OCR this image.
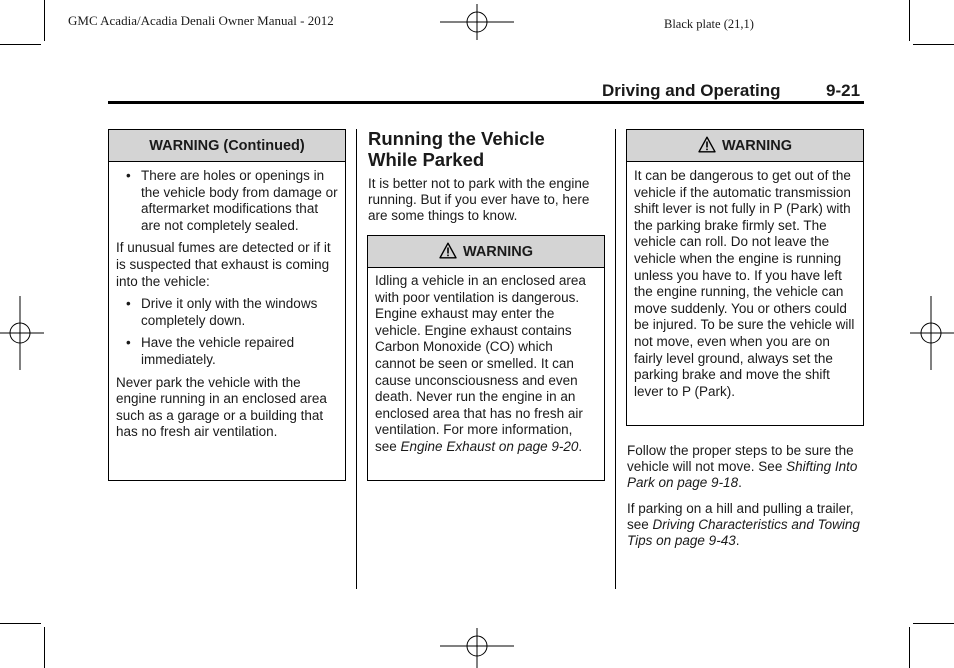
GMC Acadia/Acadia Denali Owner Manual - 2012	Black plate (21,1)
Driving and Operating	9-21
WARNING (Continued)
• There are holes or openings in the vehicle body from damage or aftermarket modifications that are not completely sealed.

If unusual fumes are detected or if it is suspected that exhaust is coming into the vehicle:

• Drive it only with the windows completely down.
• Have the vehicle repaired immediately.

Never park the vehicle with the engine running in an enclosed area such as a garage or a building that has no fresh air ventilation.

Running the Vehicle
While Parked

It is better not to park with the engine running. But if you ever have to, here are some things to know.

WARNING

Idling a vehicle in an enclosed area with poor ventilation is dangerous. Engine exhaust may enter the vehicle. Engine exhaust contains Carbon Monoxide (CO) which cannot be seen or smelled. It can cause unconsciousness and even death. Never run the engine in an enclosed area that has no fresh air ventilation. For more information, see Engine Exhaust on page 9-20.

WARNING

It can be dangerous to get out of the vehicle if the automatic transmission shift lever is not fully in P (Park) with the parking brake firmly set. The vehicle can roll. Do not leave the vehicle when the engine is running unless you have to. If you have left the engine running, the vehicle can move suddenly. You or others could be injured. To be sure the vehicle will not move, even when you are on fairly level ground, always set the parking brake and move the shift lever to P (Park).

Follow the proper steps to be sure the vehicle will not move. See Shifting Into Park on page 9-18.

If parking on a hill and pulling a trailer, see Driving Characteristics and Towing Tips on page 9-43.
